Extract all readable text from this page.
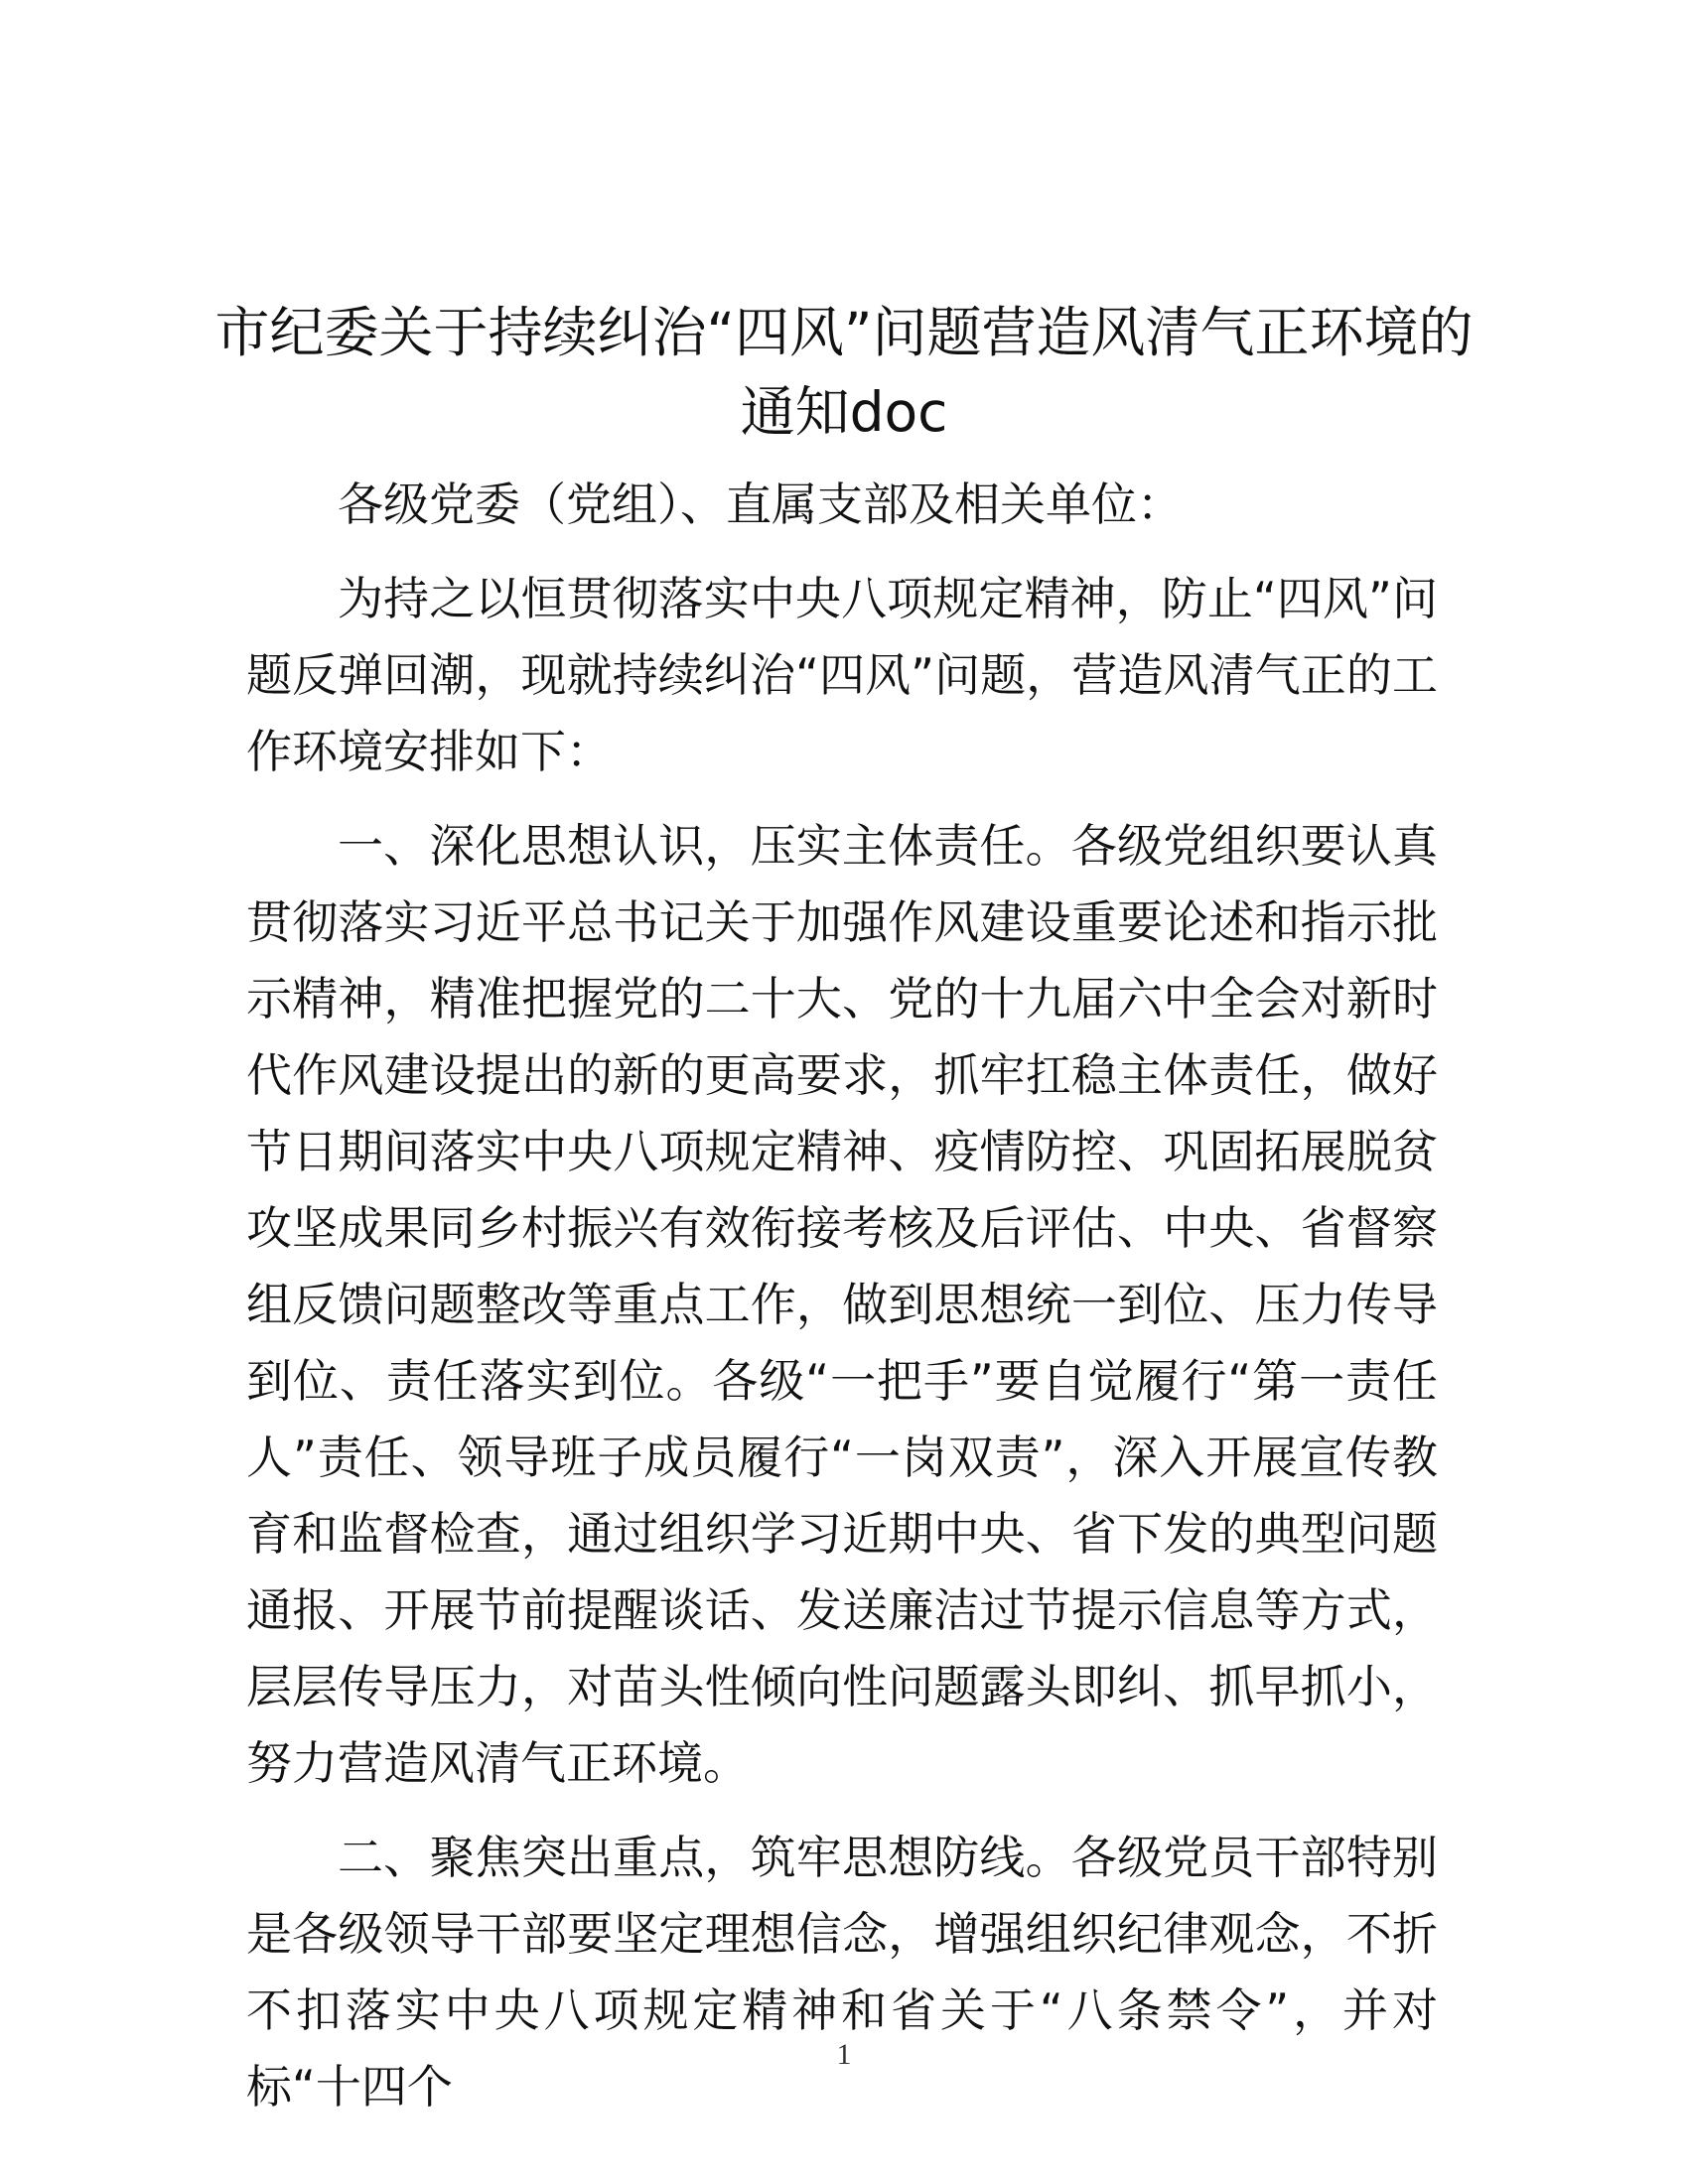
市纪委关于持续纠治“四风”问题营造风清气正环境的通知doc

各级党委（党组）、直属支部及相关单位：

为持之以恒贯彻落实中央八项规定精神，防止“四风”问题反弹回潮，现就持续纠治“四风”问题，营造风清气正的工作环境安排如下：

一、深化思想认识，压实主体责任。各级党组织要认真贯彻落实习近平总书记关于加强作风建设重要论述和指示批示精神，精准把握党的二十大、党的十九届六中全会对新时代作风建设提出的新的更高要求，抓牢扛稳主体责任，做好节日期间落实中央八项规定精神、疫情防控、巩固拓展脱贫攻坚成果同乡村振兴有效衔接考核及后评估、中央、省督察组反馈问题整改等重点工作，做到思想统一到位、压力传导到位、责任落实到位。各级“一把手”要自觉履行“第一责任人”责任、领导班子成员履行“一岗双责”，深入开展宣传教育和监督检查，通过组织学习近期中央、省下发的典型问题通报、开展节前提醒谈话、发送廉洁过节提示信息等方式，层层传导压力，对苗头性倾向性问题露头即纠、抓早抓小，努力营造风清气正环境。

二、聚焦突出重点，筑牢思想防线。各级党员干部特别是各级领导干部要坚定理想信念，增强组织纪律观念，不折不扣落实中央八项规定精神和省关于“八条禁令”，并对标“十四个

1
